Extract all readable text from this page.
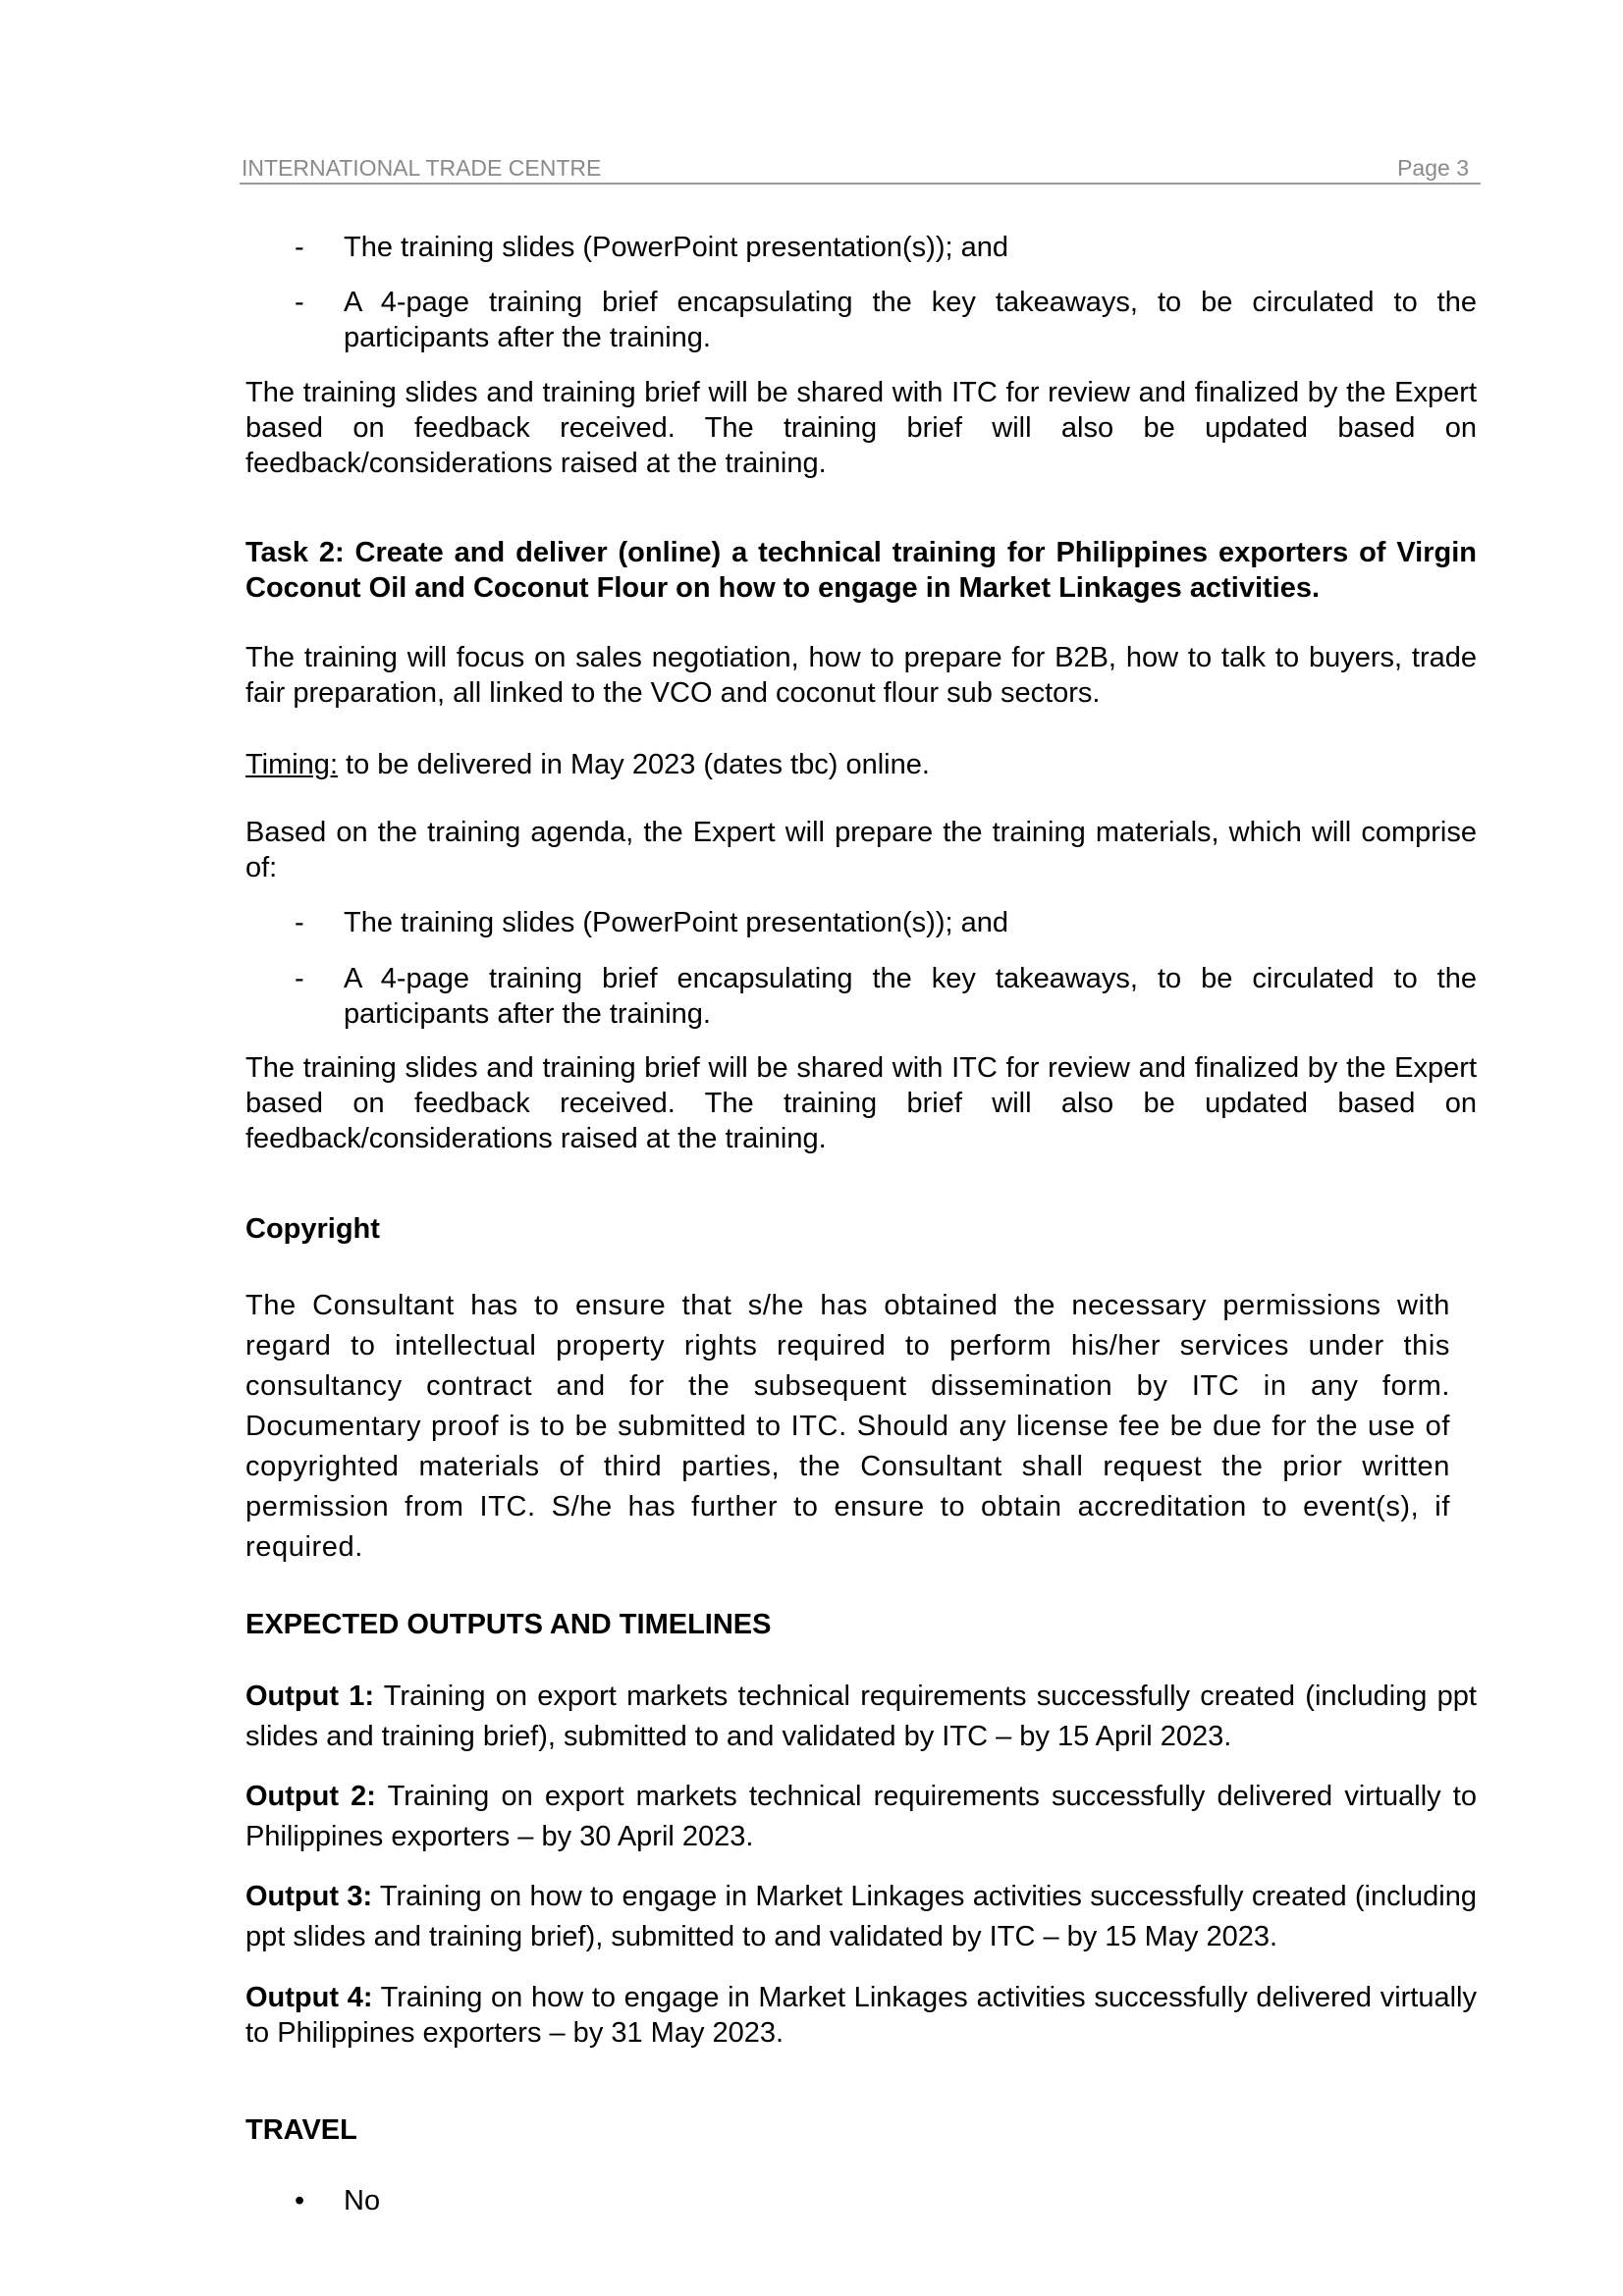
INTERNATIONAL TRADE CENTRE	Page 3
- The training slides (PowerPoint presentation(s)); and
- A 4-page training brief encapsulating the key takeaways, to be circulated to the participants after the training.
The training slides and training brief will be shared with ITC for review and finalized by the Expert based on feedback received. The training brief will also be updated based on feedback/considerations raised at the training.
Task 2: Create and deliver (online) a technical training for Philippines exporters of Virgin Coconut Oil and Coconut Flour on how to engage in Market Linkages activities.
The training will focus on sales negotiation, how to prepare for B2B, how to talk to buyers, trade fair preparation, all linked to the VCO and coconut flour sub sectors.
Timing: to be delivered in May 2023 (dates tbc) online.
Based on the training agenda, the Expert will prepare the training materials, which will comprise of:
- The training slides (PowerPoint presentation(s)); and
- A 4-page training brief encapsulating the key takeaways, to be circulated to the participants after the training.
The training slides and training brief will be shared with ITC for review and finalized by the Expert based on feedback received. The training brief will also be updated based on feedback/considerations raised at the training.
Copyright
The Consultant has to ensure that s/he has obtained the necessary permissions with regard to intellectual property rights required to perform his/her services under this consultancy contract and for the subsequent dissemination by ITC in any form. Documentary proof is to be submitted to ITC. Should any license fee be due for the use of copyrighted materials of third parties, the Consultant shall request the prior written permission from ITC. S/he has further to ensure to obtain accreditation to event(s), if required.
EXPECTED OUTPUTS AND TIMELINES
Output 1: Training on export markets technical requirements successfully created (including ppt slides and training brief), submitted to and validated by ITC – by 15 April 2023.
Output 2: Training on export markets technical requirements successfully delivered virtually to Philippines exporters – by 30 April 2023.
Output 3: Training on how to engage in Market Linkages activities successfully created (including ppt slides and training brief), submitted to and validated by ITC – by 15 May 2023.
Output 4: Training on how to engage in Market Linkages activities successfully delivered virtually to Philippines exporters – by 31 May 2023.
TRAVEL
• No
